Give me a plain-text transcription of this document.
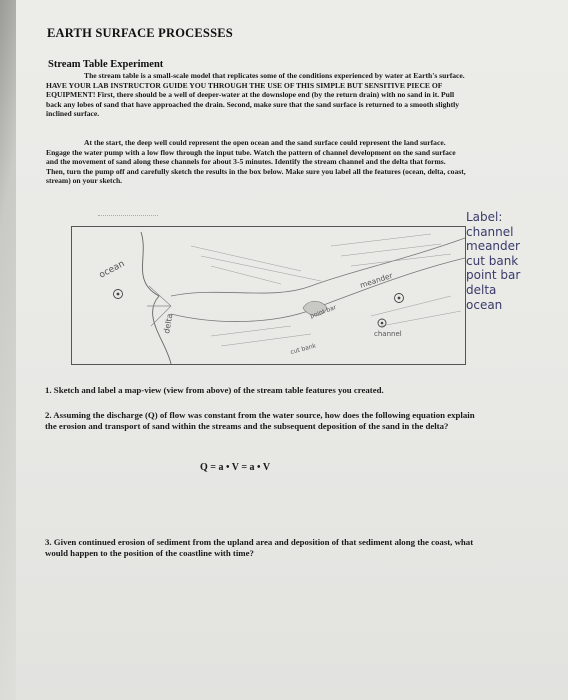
EARTH SURFACE PROCESSES
Stream Table Experiment
The stream table is a small-scale model that replicates some of the conditions experienced by water at Earth's surface. HAVE YOUR LAB INSTRUCTOR GUIDE YOU THROUGH THE USE OF THIS SIMPLE BUT SENSITIVE PIECE OF EQUIPMENT! First, there should be a well of deeper-water at the downslope end (by the return drain) with no sand in it. Pull back any lobes of sand that have approached the drain. Second, make sure that the sand surface is returned to a smooth slightly inclined surface.
At the start, the deep well could represent the open ocean and the sand surface could represent the land surface. Engage the water pump with a low flow through the input tube. Watch the pattern of channel development on the sand surface and the movement of sand along these channels for about 3-5 minutes. Identify the stream channel and the delta that forms. Then, turn the pump off and carefully sketch the results in the box below. Make sure you label all the features (ocean, delta, coast, stream) on your sketch.
ocean
delta
meander
channel
point bar
cut bank
Label:
channel
meander
cut bank
point bar
delta
ocean
1. Sketch and label a map-view (view from above) of the stream table features you created.
2. Assuming the discharge (Q) of flow was constant from the water source, how does the following equation explain the erosion and transport of sand within the streams and the subsequent deposition of the sand in the delta?
Q = a • V = a • V
3. Given continued erosion of sediment from the upland area and deposition of that sediment along the coast, what would happen to the position of the coastline with time?
